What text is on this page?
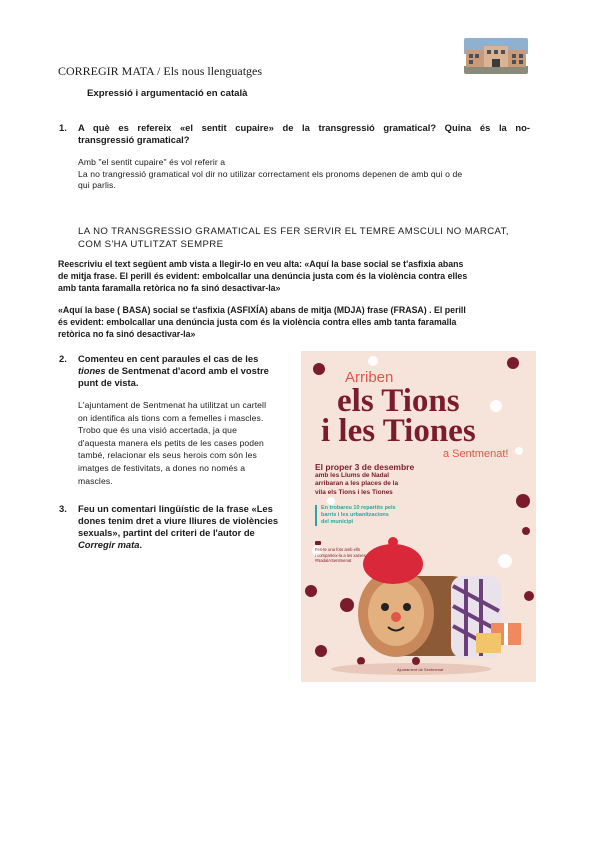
CORREGIR MATA / Els nous llenguatges
Expressió i argumentació en català
1. A què es refereix «el sentit cupaire» de la transgressió gramatical? Quina és la no-

transgressió gramatical?

Amb "el sentit cupaire" és vol referir a

La no trangressió gramatical vol dir no utilizar correctament els pronoms depenen de amb qui o de

qui parlis.

LA NO TRANSGRESSIO GRAMATICAL ES FER SERVIR EL TEMRE AMSCULI NO MARCAT,

COM S'HA UTLITZAT SEMPRE

Reescriviu el text següent amb vista a llegir-lo en veu alta: «Aquí la base social se t'asfixia abans

de mitja frase. El perill és evident: embolcallar una denúncia justa com és la violència contra elles

amb tanta faramalla retòrica no fa sinó desactivar-la»

«Aquí la base ( BASA) social se t'asfixia (ASFIXÍA) abans de mitja (MDJA) frase (FRASA) . El perill

és evident: embolcallar una denúncia justa com és la violència contra elles amb tanta faramalla

retòrica no fa sinó desactivar-la»

2. Comenteu en cent paraules el cas de les

tiones de Sentmenat d'acord amb el vostre

punt de vista.

L'ajuntament de Sentmenat ha utilitzat un cartell

on identifica als tions com a femelles i mascles.

Trobo que és una visió accertada, ja que

d'aquesta manera els petits de les cases poden

també, relacionar els seus herois com són les

imatges de festivitats, a dones no només a

mascles.

3. Feu un comentari lingüístic de la frase «Les

dones tenim dret a viure lliures de violències

sexuals», partint del criteri de l'autor de

Corregir mata.

Arriben
els Tions
i les Tiones
a Sentmenat!

El proper 3 de desembre

amb les Llums de Nadal

arribaran a les places de la

vila els Tions i les Tiones

En trobareu 10 repartits pels

barris i les urbanitzacions

del municipi

Fes-te una foto amb ells

i comparteix-la a les xarxes

#NadalASentmenat

Ajuntament de Sentmenat
